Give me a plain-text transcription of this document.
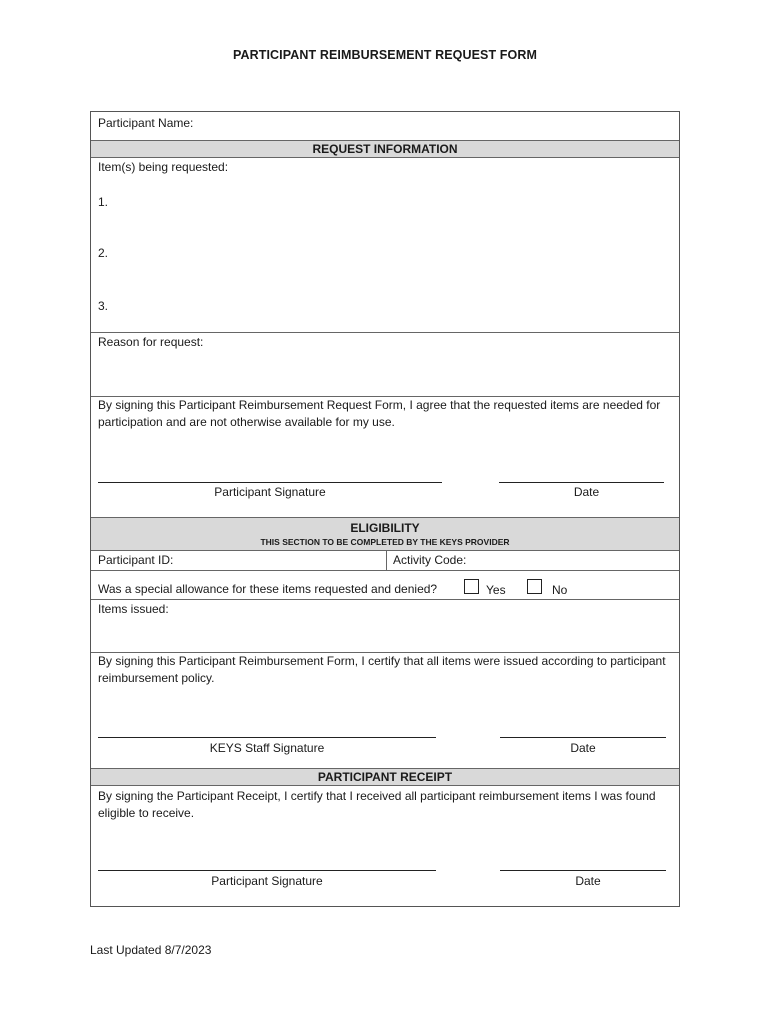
PARTICIPANT REIMBURSEMENT REQUEST FORM
Participant Name:
REQUEST INFORMATION
Item(s) being requested:
1.
2.
3.
Reason for request:
By signing this Participant Reimbursement Request Form, I agree that the requested items are needed for participation and are not otherwise available for my use.
Participant Signature	Date
ELIGIBILITY
THIS SECTION TO BE COMPLETED BY THE KEYS PROVIDER
Participant ID:	Activity Code:
Was a special allowance for these items requested and denied?	Yes	No
Items issued:
By signing this Participant Reimbursement Form, I certify that all items were issued according to participant reimbursement policy.
KEYS Staff Signature	Date
PARTICIPANT RECEIPT
By signing the Participant Receipt, I certify that I received all participant reimbursement items I was found eligible to receive.
Participant Signature	Date
Last Updated 8/7/2023
